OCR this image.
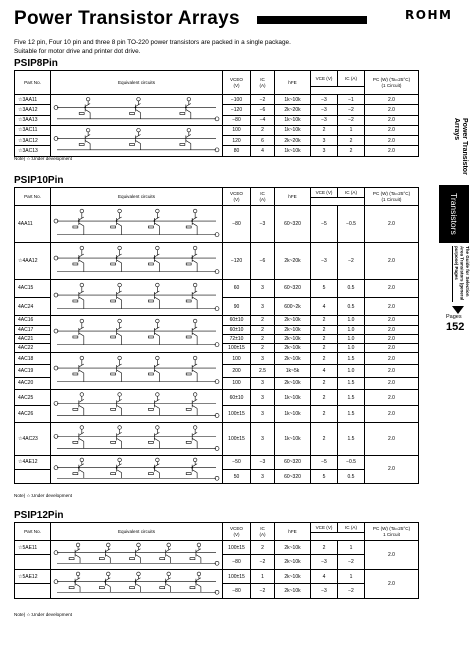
Power Transistor Arrays	ROHM
Five 12 pin, Four 10 pin and three 8 pin TO-220 power transistors are packed in a single package.
Suitable for motor drive and printer dot drive.
PSIP8Pin
Part No.	Equivalent circuits	VCEO
(V)	IC
(A)	hFE	VCE (V)	IC (A)	PC (W) (Ta=25°C)
(1 Circuit)

☆3AA11		−100	−2	1k~10k	−3	−1	2.0
☆3AA12		−120	−6	2k~20k	−3	−2	2.0
☆3AA13		−80	−4	1k~10k	−3	−2	2.0
☆3AC11		100	2	1k~10k	2	1	2.0
☆3AC12		120	6	2k~20k	3	2	2.0
☆3AC13		80	4	1k~10k	3	2	2.0
Note) ☆:Under development
PSIP10Pin
Part No.	Equivalent circuits	VCEO
(V)	IC
(A)	hFE	VCE (V)	IC (A)	PC (W) (Ta=25°C)
(1 Circuit)

4AA11		−80	−3	60~320	−5	−0.5	2.0
☆4AA12		−120	−6	2k~20k	−3	−2	2.0
4AC15		60	3	60~320	5	0.5	2.0
4AC24		90	3	600~2k	4	0.5	2.0
4AC16		60±10	2	2k~10k	2	1.0	2.0
4AC17		60±10	2	2k~10k	2	1.0	2.0
4AC21		72±10	2	2k~10k	2	1.0	2.0
4AC22		100±15	2	2k~10k	2	1.0	2.0
4AC18		100	3	2k~10k	2	1.5	2.0
4AC19		200	2.5	1k~5k	4	1.0	2.0
4AC20		100	3	2k~10k	2	1.5	2.0
4AC25		60±10	3	1k~10k	2	1.5	2.0
4AC26		100±15	3	1k~10k	2	1.5	2.0
☆4AC23		100±15	3	1k~10k	2	1.5	2.0
☆4AE12		−50	−3	60~320	−5	−0.5	2.0
		50	3	60~320	5	0.5	
Note) ☆:Under development
PSIP12Pin
Part No.	Equivalent circuits	VCEO
(V)	IC
(A)	hFE	VCE (V)	IC (A)	PC (W) (Ta=25°C)
1 Circuit

☆5AE11		100±15	2	2k~10k	2	1	2.0
		−80	−2	2k~10k	−3	−2	
☆5AE12		100±15	1	2k~10k	4	1	2.0
		−80	−2	2k~10k	−3	−2	
Note) ☆:Under development
Power Transistor Arrays
Transistors
The Guide for Selection Area Transistors (general purpose) Pages
Pages
152
